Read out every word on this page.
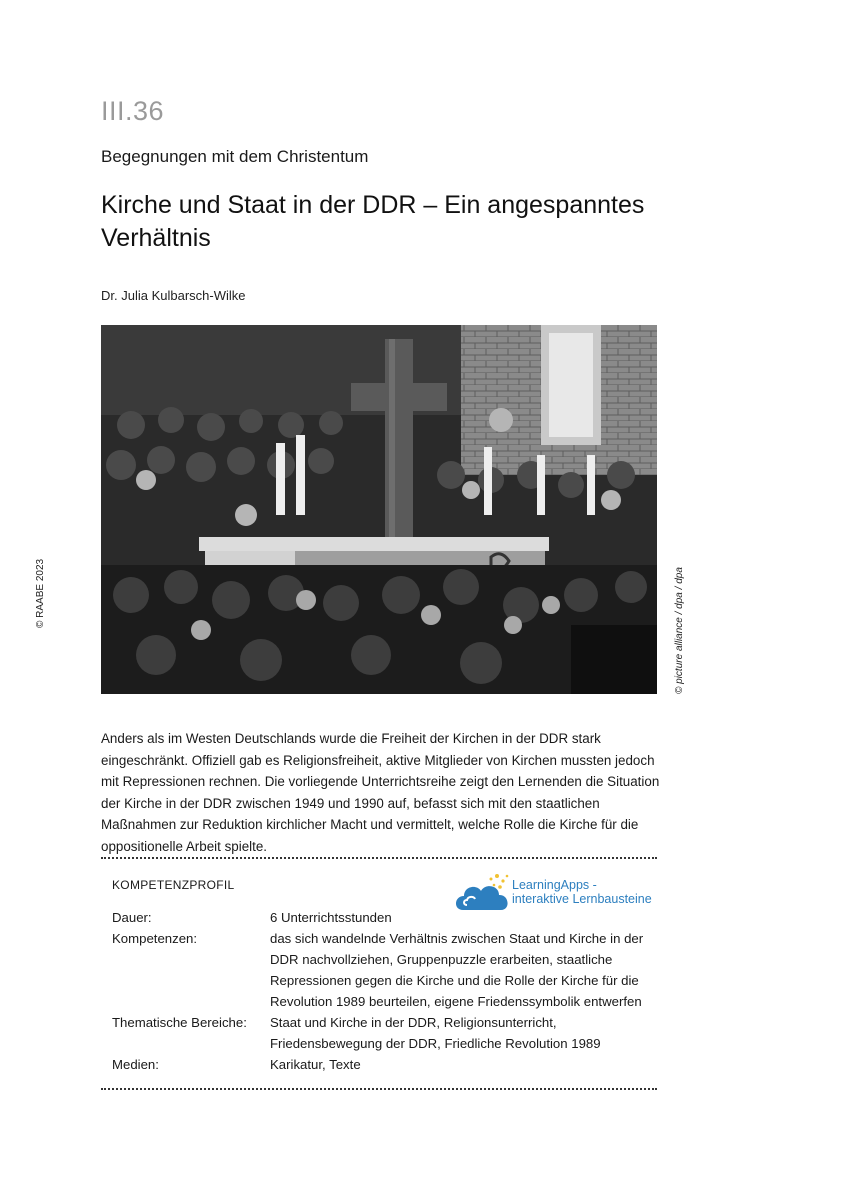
III.36
Begegnungen mit dem Christentum
Kirche und Staat in der DDR – Ein angespanntes Verhältnis
Dr. Julia Kulbarsch-Wilke
© RAABE 2023	© picture alliance / dpa / dpa

Anders als im Westen Deutschlands wurde die Freiheit der Kirchen in der DDR stark eingeschränkt. Offiziell gab es Religionsfreiheit, aktive Mitglieder von Kirchen mussten jedoch mit Repressionen rechnen. Die vorliegende Unterrichtsreihe zeigt den Lernenden die Situation der Kirche in der DDR zwischen 1949 und 1990 auf, befasst sich mit den staatlichen Maßnahmen zur Reduktion kirchlicher Macht und vermittelt, welche Rolle die Kirche für die oppositionelle Arbeit spielte.

KOMPETENZPROFIL	LearningApps -
interaktive Lernbausteine
Dauer:	6 Unterrichtsstunden
Kompetenzen:	das sich wandelnde Verhältnis zwischen Staat und Kirche in der DDR nachvollziehen, Gruppenpuzzle erarbeiten, staatliche Repressionen gegen die Kirche und die Rolle der Kirche für die Revolution 1989 beurteilen, eigene Friedenssymbolik entwerfen
Thematische Bereiche: Staat und Kirche in der DDR, Religionsunterricht, Friedensbewegung der DDR, Friedliche Revolution 1989
Medien:	Karikatur, Texte
